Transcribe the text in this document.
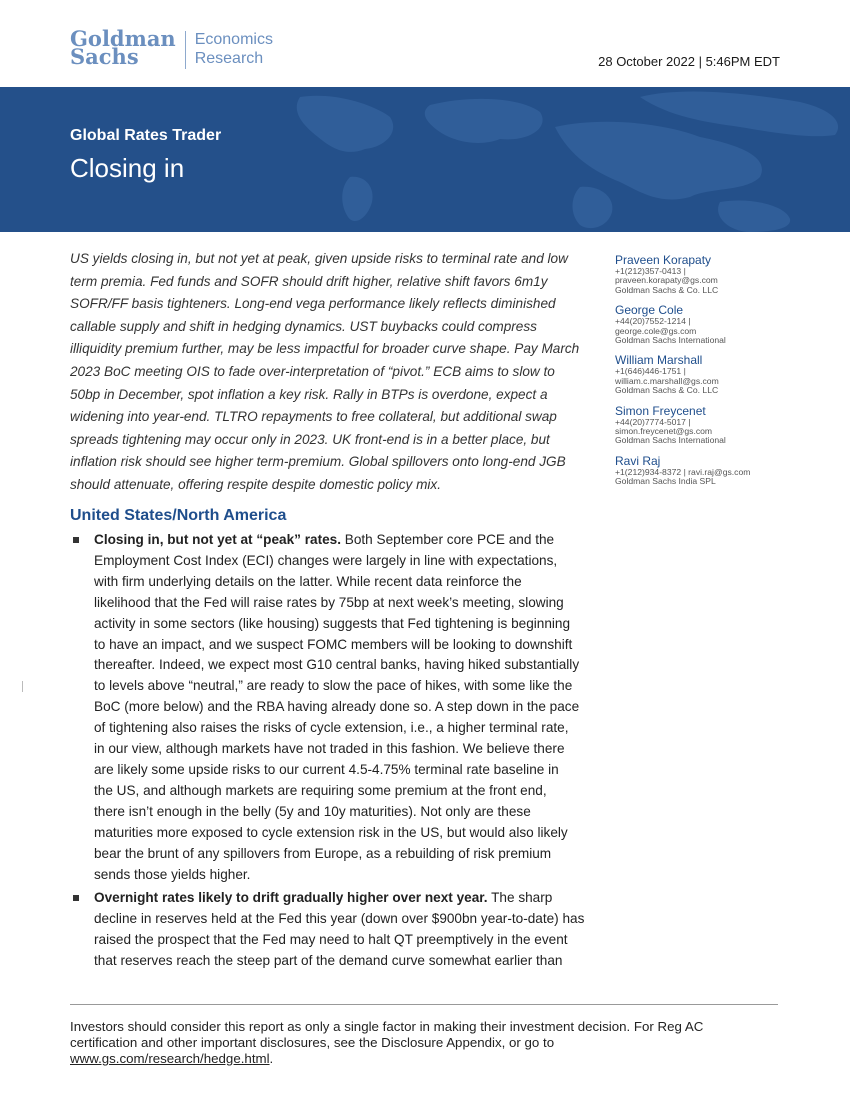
Goldman
Sachs
Economics
Research	28 October 2022 | 5:46PM EDT
Global Rates Trader
Closing in
US yields closing in, but not yet at peak, given upside risks to terminal rate and low
term premia. Fed funds and SOFR should drift higher, relative shift favors 6m1y
SOFR/FF basis tighteners. Long-end vega performance likely reflects diminished
callable supply and shift in hedging dynamics. UST buybacks could compress
illiquidity premium further, may be less impactful for broader curve shape. Pay March
2023 BoC meeting OIS to fade over-interpretation of “pivot.” ECB aims to slow to
50bp in December, spot inflation a key risk. Rally in BTPs is overdone, expect a
widening into year-end. TLTRO repayments to free collateral, but additional swap
spreads tightening may occur only in 2023. UK front-end is in a better place, but
inflation risk should see higher term-premium. Global spillovers onto long-end JGB
should attenuate, offering respite despite domestic policy mix.
Praveen Korapaty
+1(212)357-0413 |
praveen.korapaty@gs.com
Goldman Sachs & Co. LLC
George Cole
+44(20)7552-1214 |
george.cole@gs.com
Goldman Sachs International
William Marshall
+1(646)446-1751 |
william.c.marshall@gs.com
Goldman Sachs & Co. LLC
Simon Freycenet
+44(20)7774-5017 |
simon.freycenet@gs.com
Goldman Sachs International
Ravi Raj
+1(212)934-8372 | ravi.raj@gs.com
Goldman Sachs India SPL
United States/North America
Closing in, but not yet at “peak” rates. Both September core PCE and the
Employment Cost Index (ECI) changes were largely in line with expectations,
with firm underlying details on the latter. While recent data reinforce the
likelihood that the Fed will raise rates by 75bp at next week’s meeting, slowing
activity in some sectors (like housing) suggests that Fed tightening is beginning
to have an impact, and we suspect FOMC members will be looking to downshift
thereafter. Indeed, we expect most G10 central banks, having hiked substantially
to levels above “neutral,” are ready to slow the pace of hikes, with some like the
BoC (more below) and the RBA having already done so. A step down in the pace
of tightening also raises the risks of cycle extension, i.e., a higher terminal rate,
in our view, although markets have not traded in this fashion. We believe there
are likely some upside risks to our current 4.5-4.75% terminal rate baseline in
the US, and although markets are requiring some premium at the front end,
there isn’t enough in the belly (5y and 10y maturities). Not only are these
maturities more exposed to cycle extension risk in the US, but would also likely
bear the brunt of any spillovers from Europe, as a rebuilding of risk premium
sends those yields higher.
Overnight rates likely to drift gradually higher over next year. The sharp
decline in reserves held at the Fed this year (down over $900bn year-to-date) has
raised the prospect that the Fed may need to halt QT preemptively in the event
that reserves reach the steep part of the demand curve somewhat earlier than
Investors should consider this report as only a single factor in making their investment decision. For Reg AC
certification and other important disclosures, see the Disclosure Appendix, or go to
www.gs.com/research/hedge.html.
